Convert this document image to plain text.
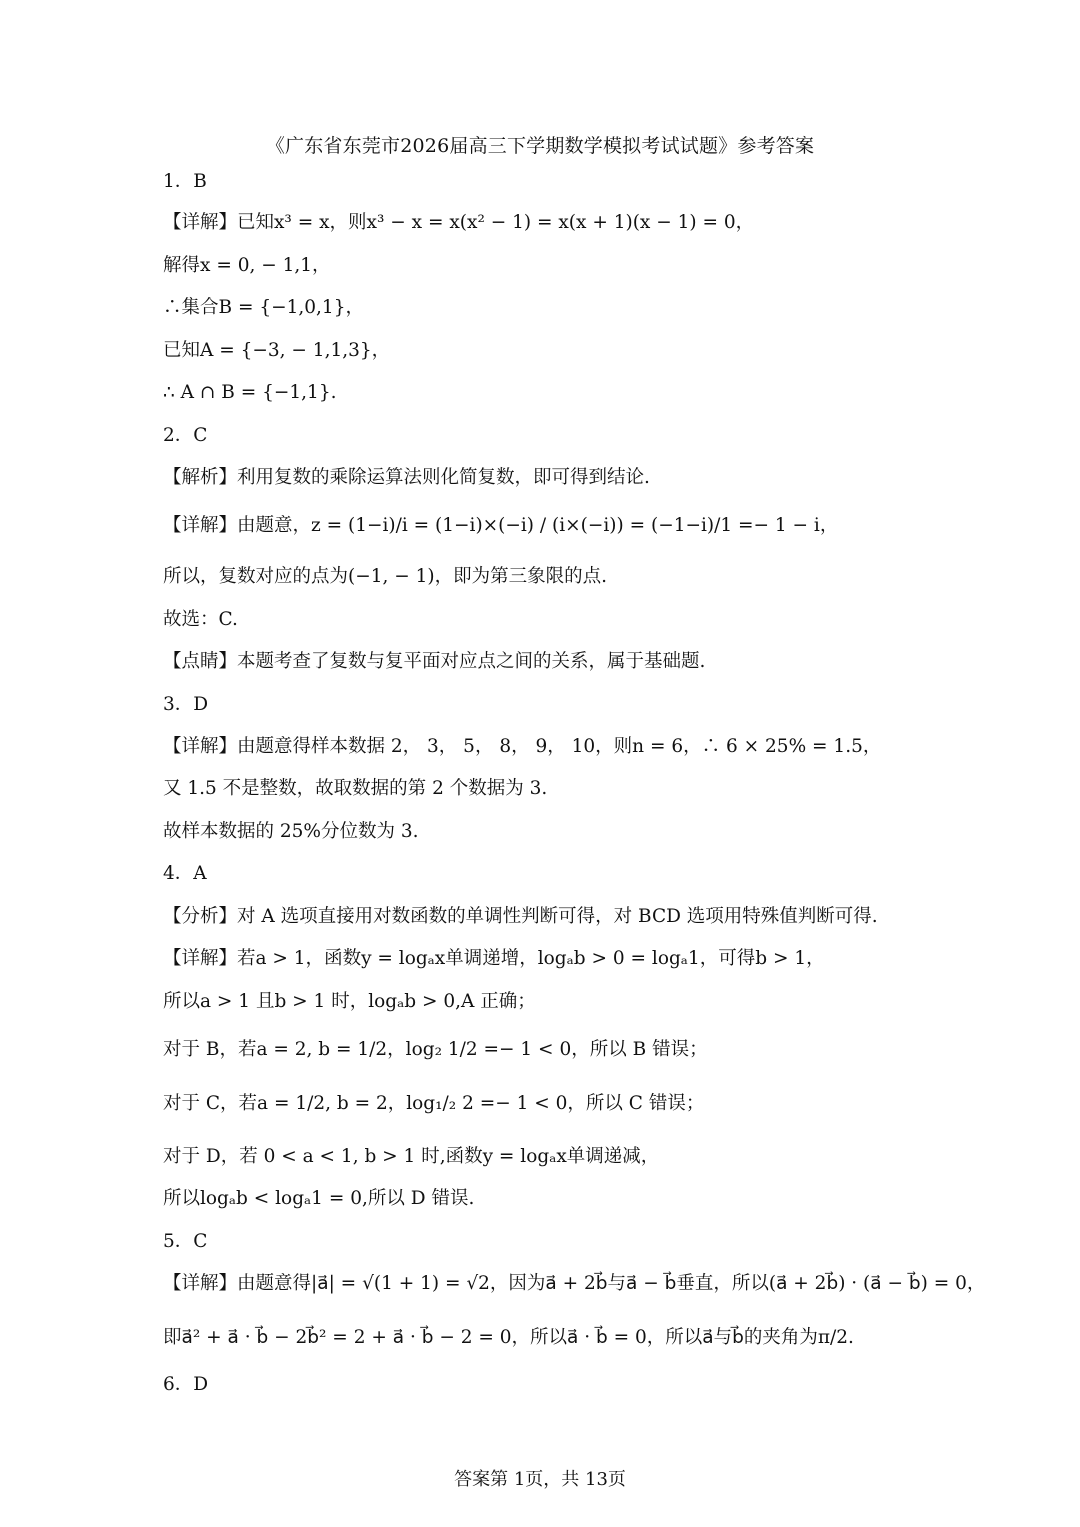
《广东省东莞市2026届高三下学期数学模拟考试试题》参考答案
1．B
【详解】已知x³ = x，则x³ − x = x(x² − 1) = x(x + 1)(x − 1) = 0，
解得x = 0, − 1,1，
∴集合B = {−1,0,1}，
已知A = {−3, − 1,1,3}，
∴ A ∩ B = {−1,1}.
2．C
【解析】利用复数的乘除运算法则化简复数，即可得到结论.
【详解】由题意，z = (1−i)/i = (1−i)×(−i) / (i×(−i)) = (−1−i)/1 =− 1 − i，
所以，复数对应的点为(−1, − 1)，即为第三象限的点.
故选：C.
【点睛】本题考查了复数与复平面对应点之间的关系，属于基础题.
3．D
【详解】由题意得样本数据 2， 3， 5， 8， 9， 10，则n = 6，∴ 6 × 25% = 1.5，
又 1.5 不是整数，故取数据的第 2 个数据为 3.
故样本数据的 25%分位数为 3.
4．A
【分析】对 A 选项直接用对数函数的单调性判断可得，对 BCD 选项用特殊值判断可得.
【详解】若a > 1，函数y = logₐx单调递增，logₐb > 0 = logₐ1，可得b > 1，
所以a > 1 且b > 1 时，logₐb > 0,A 正确；
对于 B，若a = 2, b = 1/2，log₂ 1/2 =− 1 < 0，所以 B 错误；
对于 C，若a = 1/2, b = 2，log₁/₂ 2 =− 1 < 0，所以 C 错误；
对于 D，若 0 < a < 1, b > 1 时,函数y = logₐx单调递减，
所以logₐb < logₐ1 = 0,所以 D 错误.
5．C
【详解】由题意得|a⃗| = √(1 + 1) = √2，因为a⃗ + 2b⃗与a⃗ − b⃗垂直，所以(a⃗ + 2b⃗) · (a⃗ − b⃗) = 0，
即a⃗² + a⃗ · b⃗ − 2b⃗² = 2 + a⃗ · b⃗ − 2 = 0，所以a⃗ · b⃗ = 0，所以a⃗与b⃗的夹角为π/2.
6．D
答案第 1页，共 13页
